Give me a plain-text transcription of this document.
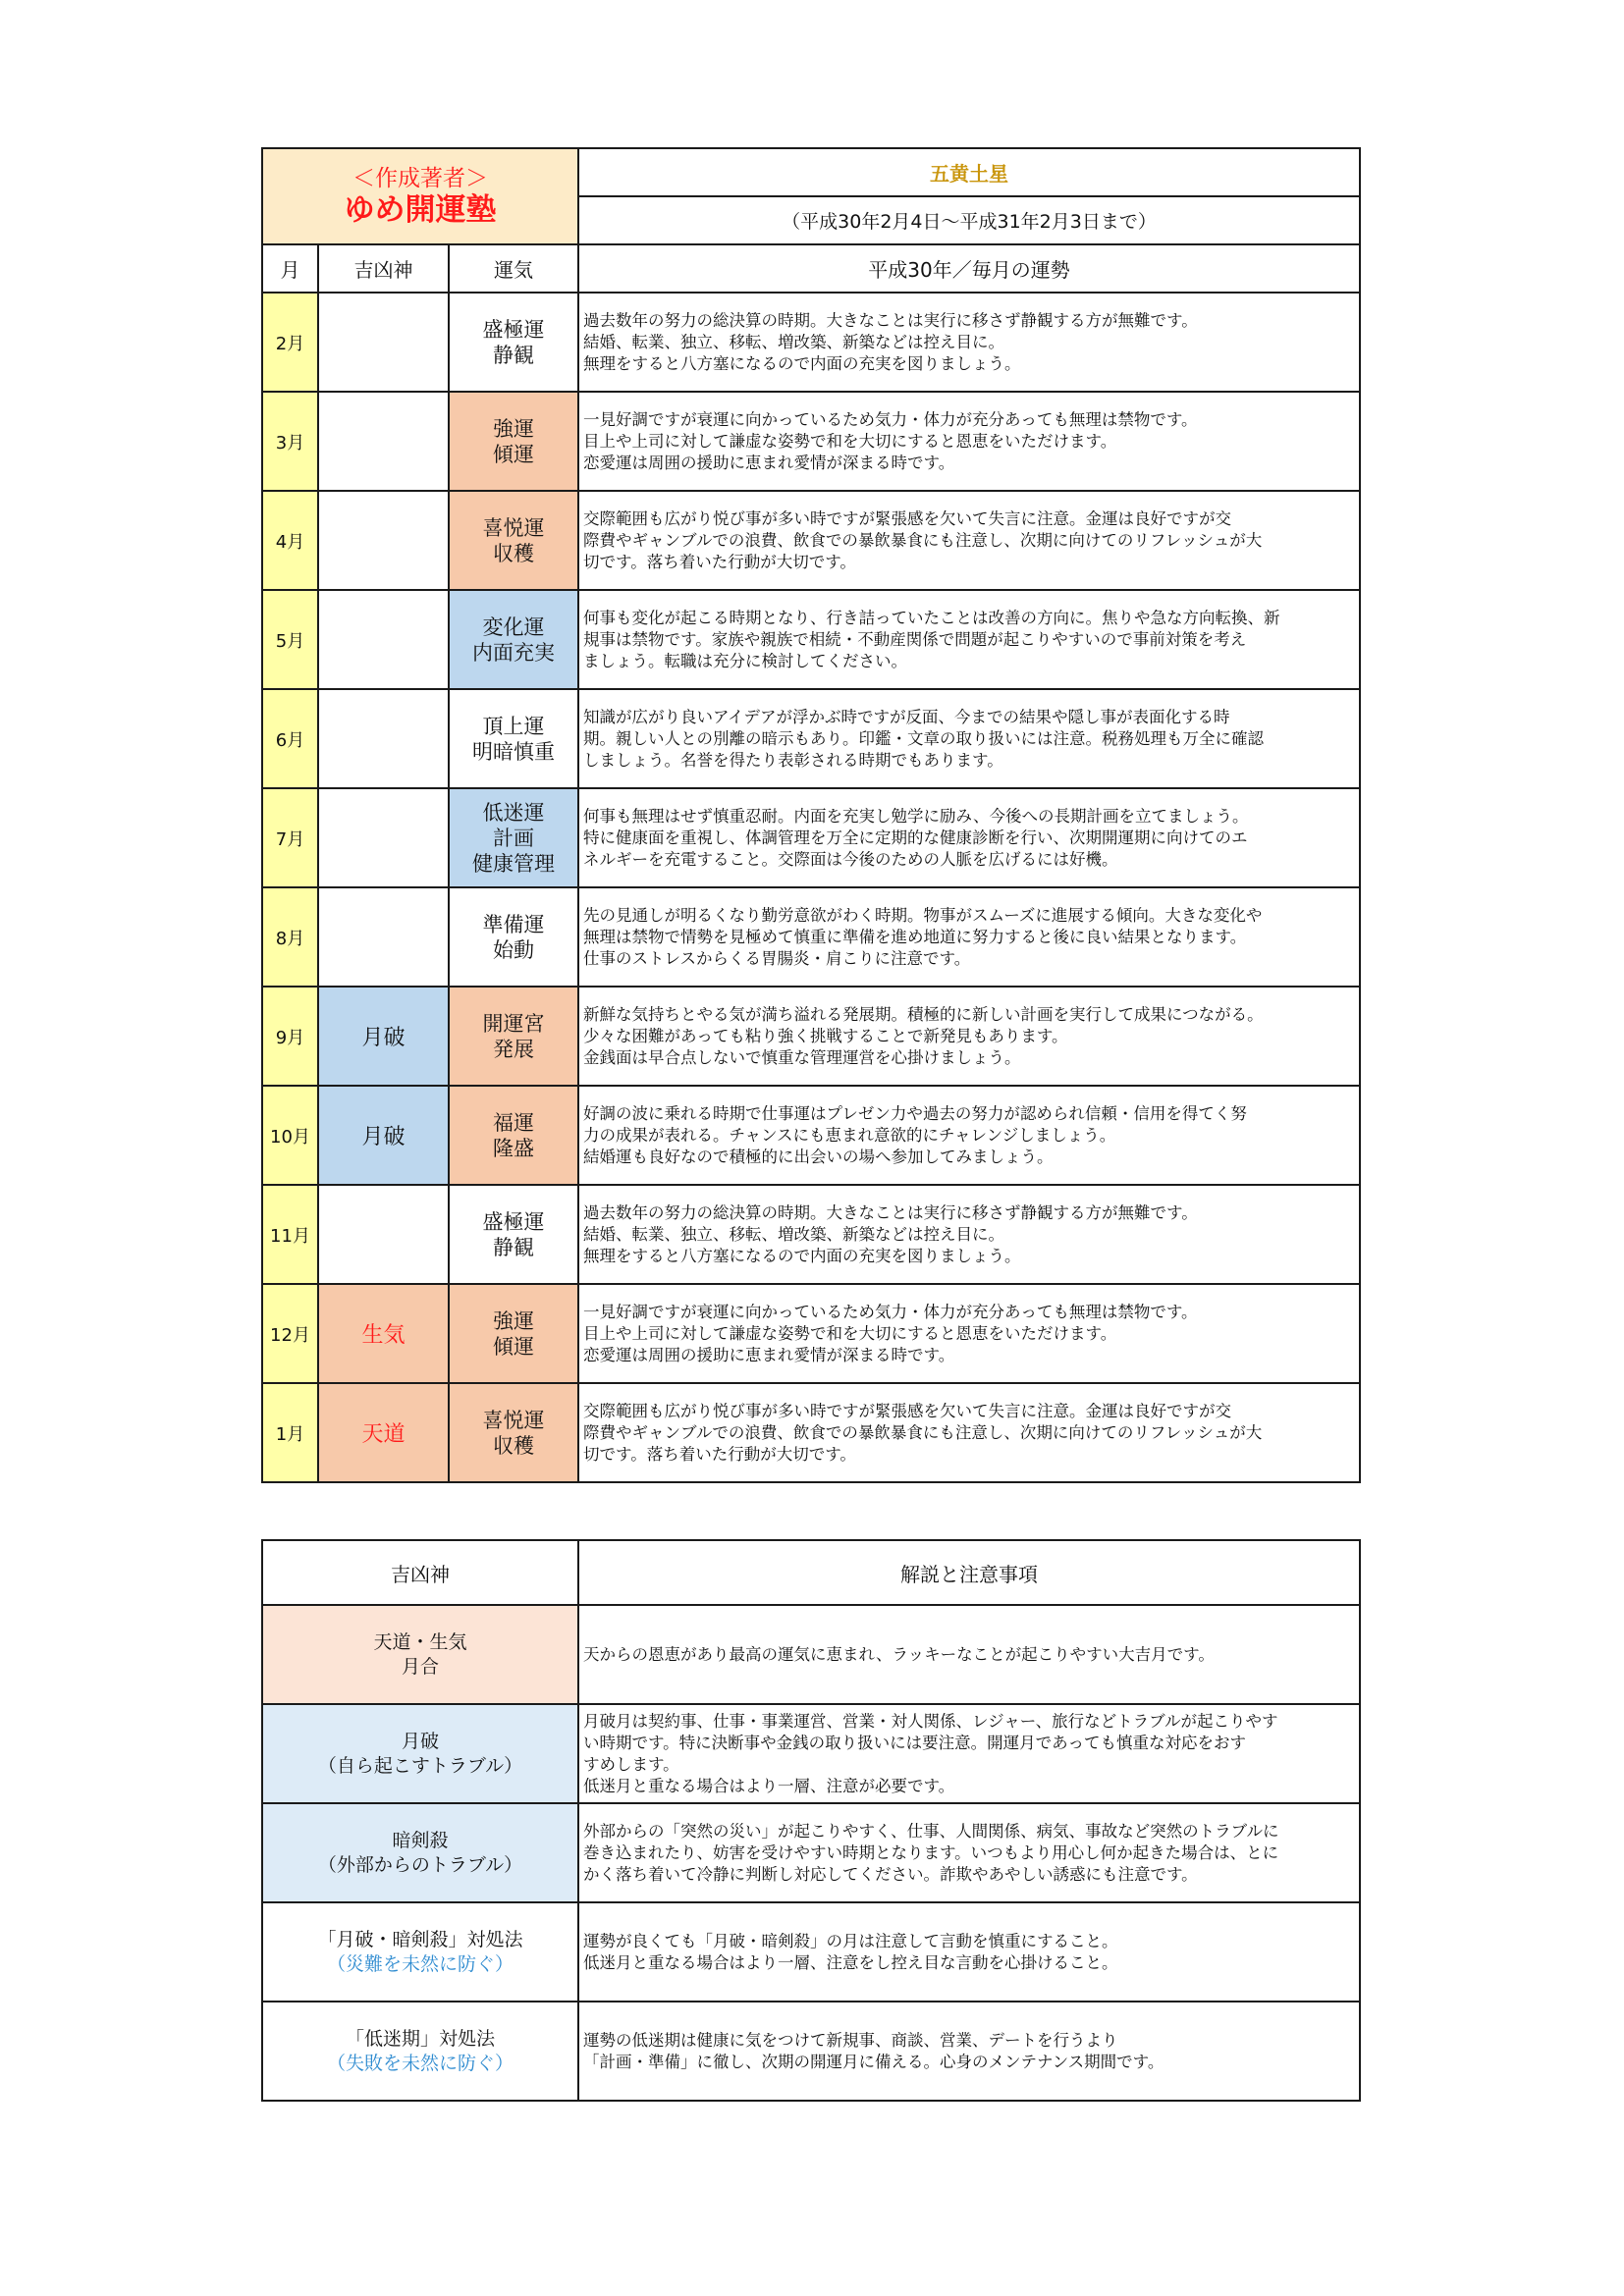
＜作成著者＞
ゆめ開運塾			五黄土星
			（平成30年2月4日～平成31年2月3日まで）
月	吉凶神	運気	平成30年／毎月の運勢
2月		盛極運
静観	過去数年の努力の総決算の時期。大きなことは実行に移さず静観する方が無難です。
結婚、転業、独立、移転、増改築、新築などは控え目に。
無理をすると八方塞になるので内面の充実を図りましょう。

3月		強運
傾運	一見好調ですが衰運に向かっているため気力・体力が充分あっても無理は禁物です。
目上や上司に対して謙虚な姿勢で和を大切にすると恩恵をいただけます。
恋愛運は周囲の援助に恵まれ愛情が深まる時です。

4月		喜悦運
収穫	交際範囲も広がり悦び事が多い時ですが緊張感を欠いて失言に注意。金運は良好ですが交
際費やギャンブルでの浪費、飲食での暴飲暴食にも注意し、次期に向けてのリフレッシュが大
切です。落ち着いた行動が大切です。

5月		変化運
内面充実	何事も変化が起こる時期となり、行き詰っていたことは改善の方向に。焦りや急な方向転換、新
規事は禁物です。家族や親族で相続・不動産関係で問題が起こりやすいので事前対策を考え
ましょう。転職は充分に検討してください。

6月		頂上運
明暗慎重	知識が広がり良いアイデアが浮かぶ時ですが反面、今までの結果や隠し事が表面化する時
期。親しい人との別離の暗示もあり。印鑑・文章の取り扱いには注意。税務処理も万全に確認
しましょう。名誉を得たり表彰される時期でもあります。

7月		低迷運
計画
健康管理	何事も無理はせず慎重忍耐。内面を充実し勉学に励み、今後への長期計画を立てましょう。
特に健康面を重視し、体調管理を万全に定期的な健康診断を行い、次期開運期に向けてのエ
ネルギーを充電すること。交際面は今後のための人脈を広げるには好機。

8月		準備運
始動	先の見通しが明るくなり勤労意欲がわく時期。物事がスムーズに進展する傾向。大きな変化や
無理は禁物で情勢を見極めて慎重に準備を進め地道に努力すると後に良い結果となります。
仕事のストレスからくる胃腸炎・肩こりに注意です。

9月	月破	開運宮
発展	新鮮な気持ちとやる気が満ち溢れる発展期。積極的に新しい計画を実行して成果につながる。
少々な困難があっても粘り強く挑戦することで新発見もあります。
金銭面は早合点しないで慎重な管理運営を心掛けましょう。

10月	月破	福運
隆盛	好調の波に乗れる時期で仕事運はプレゼン力や過去の努力が認められ信頼・信用を得てく努
力の成果が表れる。チャンスにも恵まれ意欲的にチャレンジしましょう。
結婚運も良好なので積極的に出会いの場へ参加してみましょう。

11月		盛極運
静観	過去数年の努力の総決算の時期。大きなことは実行に移さず静観する方が無難です。
結婚、転業、独立、移転、増改築、新築などは控え目に。
無理をすると八方塞になるので内面の充実を図りましょう。

12月	生気	強運
傾運	一見好調ですが衰運に向かっているため気力・体力が充分あっても無理は禁物です。
目上や上司に対して謙虚な姿勢で和を大切にすると恩恵をいただけます。
恋愛運は周囲の援助に恵まれ愛情が深まる時です。

1月	天道	喜悦運
収穫	交際範囲も広がり悦び事が多い時ですが緊張感を欠いて失言に注意。金運は良好ですが交
際費やギャンブルでの浪費、飲食での暴飲暴食にも注意し、次期に向けてのリフレッシュが大
切です。落ち着いた行動が大切です。
吉凶神	解説と注意事項

天道・生気
月合	天からの恩恵があり最高の運気に恵まれ、ラッキーなことが起こりやすい大吉月です。

月破
（自ら起こすトラブル）	月破月は契約事、仕事・事業運営、営業・対人関係、レジャー、旅行などトラブルが起こりやす
い時期です。特に決断事や金銭の取り扱いには要注意。開運月であっても慎重な対応をおす
すめします。
低迷月と重なる場合はより一層、注意が必要です。

暗剣殺
（外部からのトラブル）	外部からの「突然の災い」が起こりやすく、仕事、人間関係、病気、事故など突然のトラブルに
巻き込まれたり、妨害を受けやすい時期となります。いつもより用心し何か起きた場合は、とに
かく落ち着いて冷静に判断し対応してください。詐欺やあやしい誘惑にも注意です。

「月破・暗剣殺」対処法
（災難を未然に防ぐ）	運勢が良くても「月破・暗剣殺」の月は注意して言動を慎重にすること。
低迷月と重なる場合はより一層、注意をし控え目な言動を心掛けること。

「低迷期」対処法
（失敗を未然に防ぐ）	運勢の低迷期は健康に気をつけて新規事、商談、営業、デートを行うより
「計画・準備」に徹し、次期の開運月に備える。心身のメンテナンス期間です。
